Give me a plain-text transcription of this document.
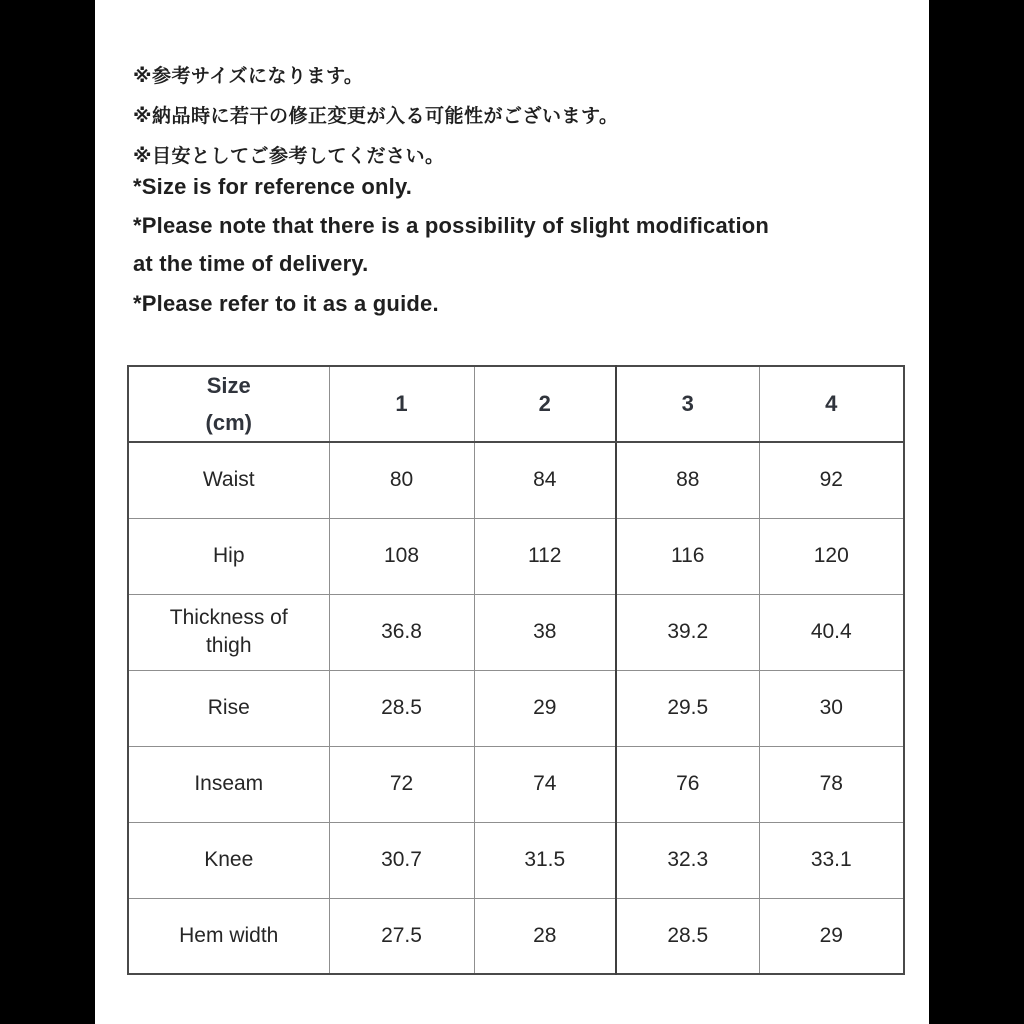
※参考サイズになります。
※納品時に若干の修正変更が入る可能性がございます。
※目安としてご参考してください。
*Size is for reference only.
*Please note that there is a possibility of slight modification
at the time of delivery.
*Please refer to it as a guide.
Size
(cm)	1	2	3	4
Waist	80	84	88	92
Hip	108	112	116	120
Thickness of thigh	36.8	38	39.2	40.4
Rise	28.5	29	29.5	30
Inseam	72	74	76	78
Knee	30.7	31.5	32.3	33.1
Hem width	27.5	28	28.5	29
